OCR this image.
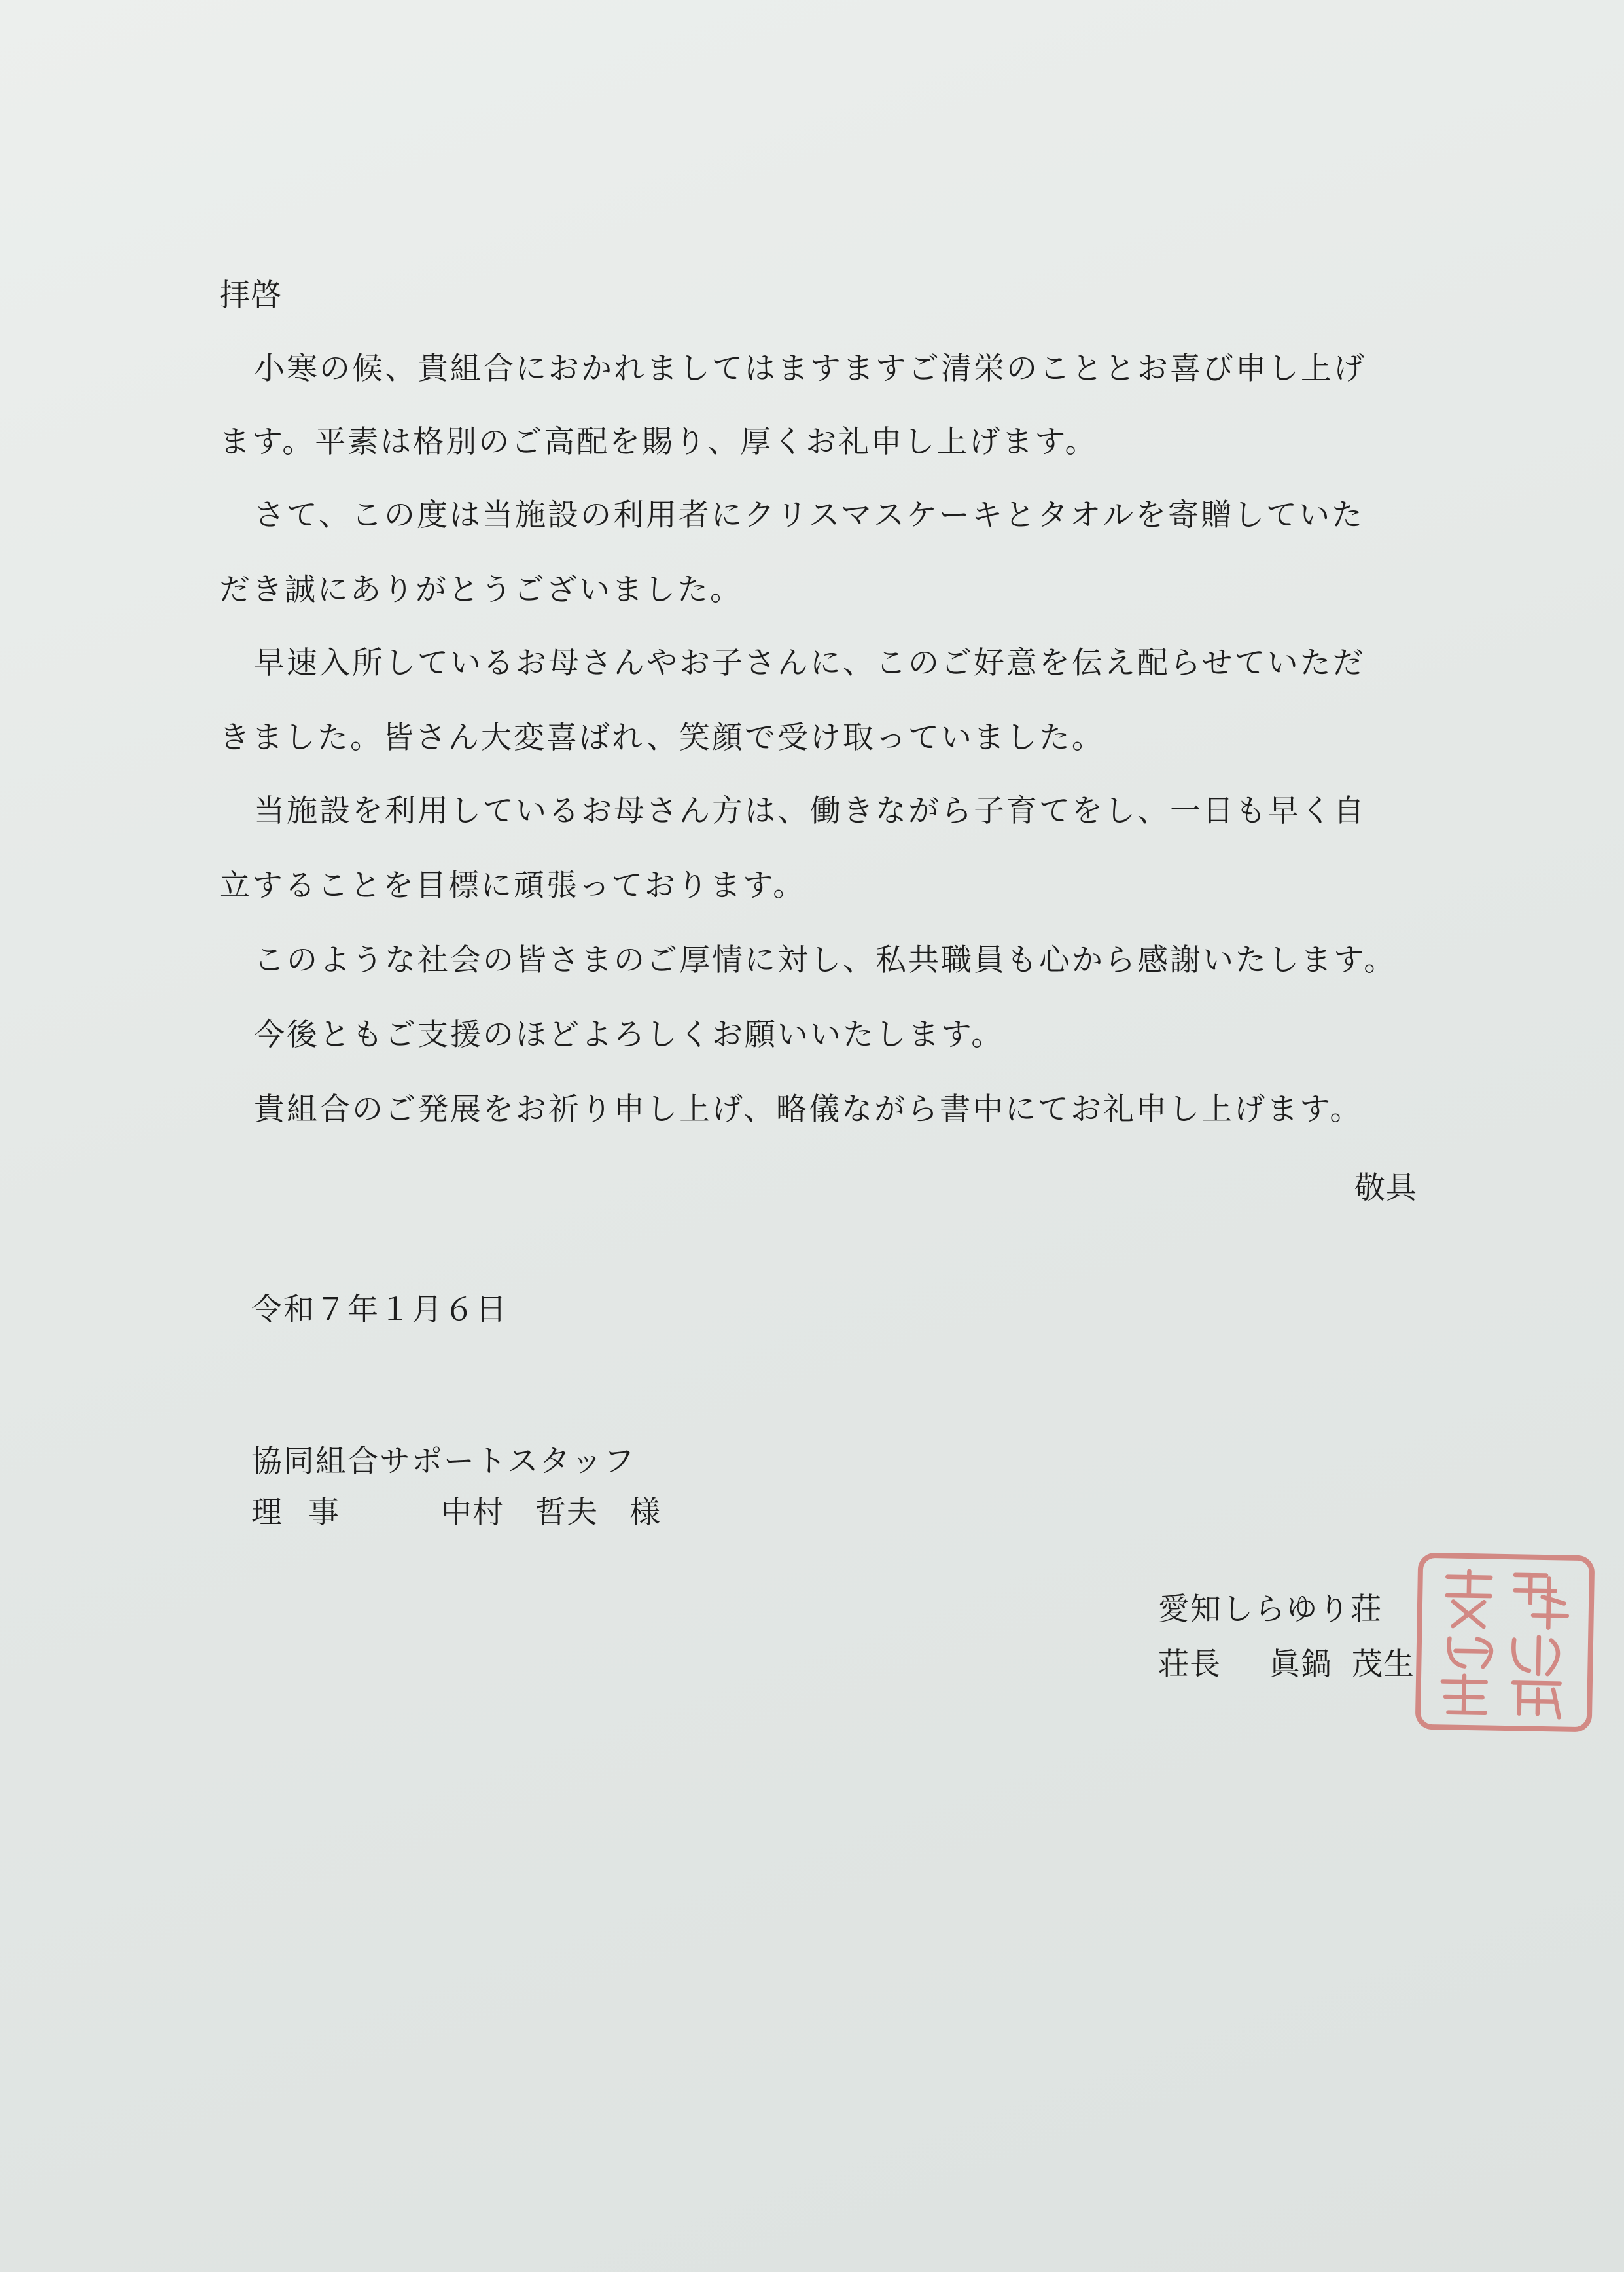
拝啓
小寒の候、貴組合におかれましてはますますご清栄のこととお喜び申し上げ
ます。平素は格別のご高配を賜り、厚くお礼申し上げます。
さて、この度は当施設の利用者にクリスマスケーキとタオルを寄贈していた
だき誠にありがとうございました。
早速入所しているお母さんやお子さんに、このご好意を伝え配らせていただ
きました。皆さん大変喜ばれ、笑顔で受け取っていました。
当施設を利用しているお母さん方は、働きながら子育てをし、一日も早く自
立することを目標に頑張っております。
このような社会の皆さまのご厚情に対し、私共職員も心から感謝いたします。
今後ともご支援のほどよろしくお願いいたします。
貴組合のご発展をお祈り申し上げ、略儀ながら書中にてお礼申し上げます。
敬具
令和７年１月６日
協同組合サポートスタッフ
理事 中村　哲夫　 様
愛知しらゆり荘
荘長 眞鍋 茂生
